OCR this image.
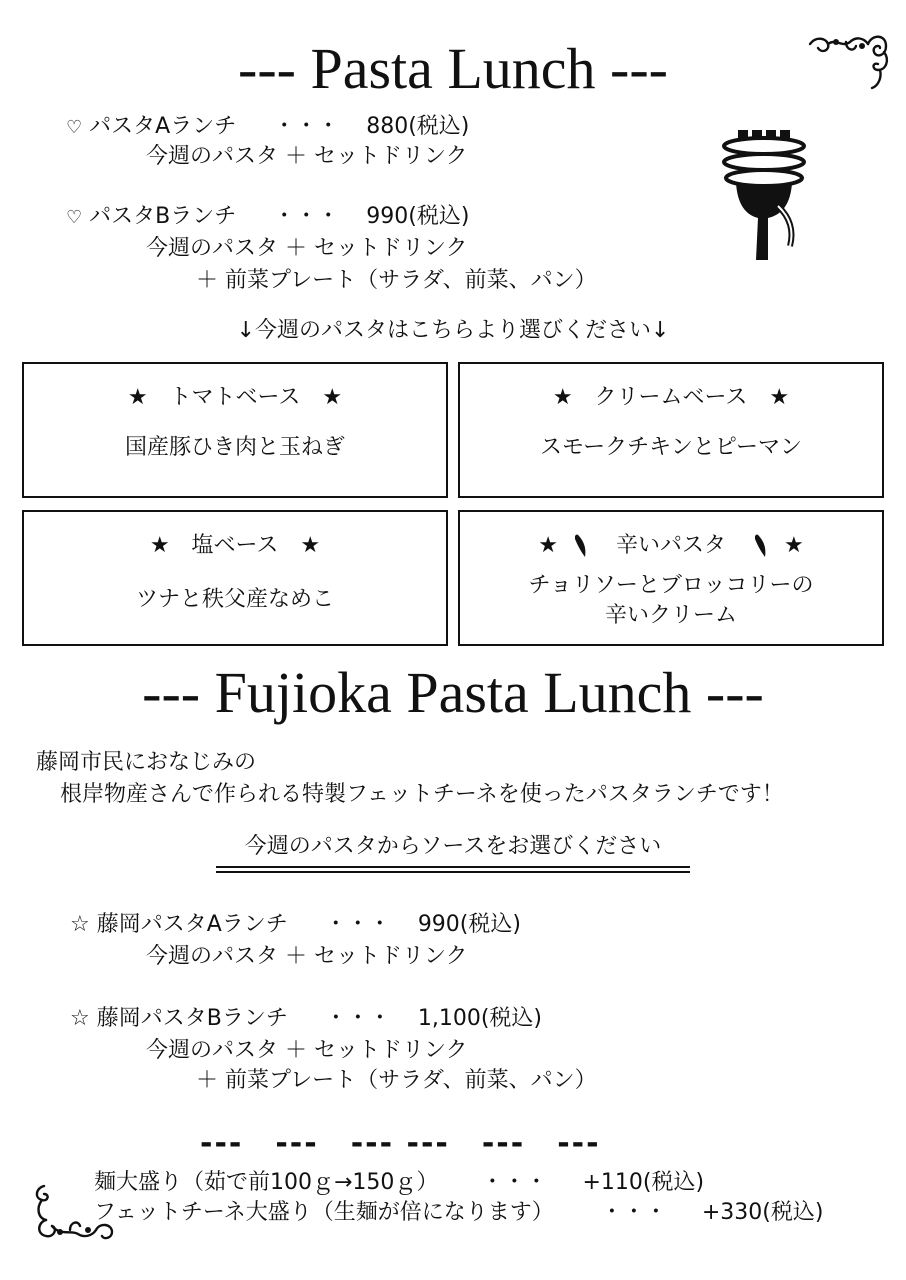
--- Pasta Lunch ---
♡ パスタAランチ ・・・ 880(税込)
今週のパスタ ＋ セットドリンク
♡ パスタBランチ ・・・ 990(税込)
今週のパスタ ＋ セットドリンク
＋ 前菜プレート（サラダ、前菜、パン）
↓今週のパスタはこちらより選びください↓
★　トマトベース　★
国産豚ひき肉と玉ねぎ
★　クリームベース　★
スモークチキンとピーマン
★　塩ベース　★
ツナと秩父産なめこ
★	辛いパスタ	★
チョリソーとブロッコリーの
辛いクリーム
--- Fujioka Pasta Lunch ---
藤岡市民におなじみの
根岸物産さんで作られる特製フェットチーネを使ったパスタランチです！
今週のパスタからソースをお選びください
☆ 藤岡パスタAランチ ・・・ 990(税込)
今週のパスタ ＋ セットドリンク
☆ 藤岡パスタBランチ ・・・ 1,100(税込)
今週のパスタ ＋ セットドリンク
＋ 前菜プレート（サラダ、前菜、パン）
---　---　--- ---　---　---
麺大盛り（茹で前100ｇ→150ｇ） ・・・ +110(税込)
フェットチーネ大盛り（生麺が倍になります） ・・・ +330(税込)
